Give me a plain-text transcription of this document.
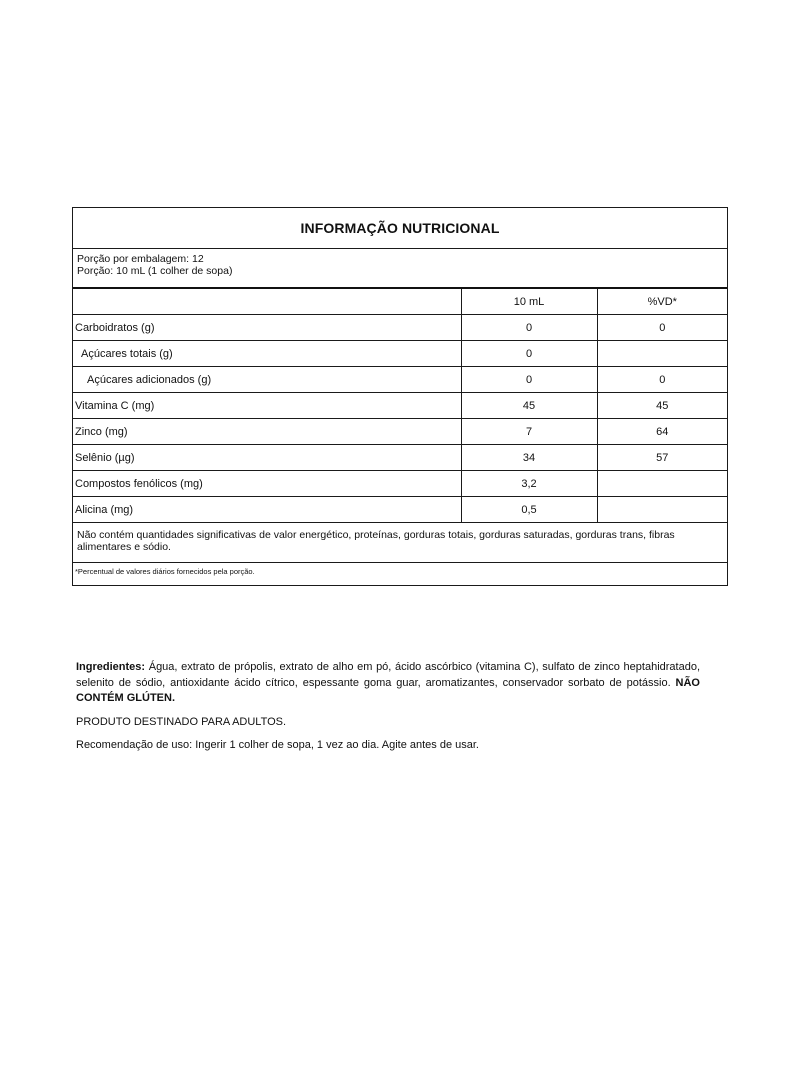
INFORMAÇÃO NUTRICIONAL
Porção por embalagem: 12
Porção: 10 mL (1 colher de sopa)
	10 mL	%VD*
Carboidratos (g)	0	0
Açúcares totais (g)	0	
Açúcares adicionados (g)	0	0
Vitamina C (mg)	45	45
Zinco (mg)	7	64
Selênio (µg)	34	57
Compostos fenólicos (mg)	3,2	
Alicina (mg)	0,5	
Não contém quantidades significativas de valor energético, proteínas, gorduras totais, gorduras saturadas, gorduras trans, fibras alimentares e sódio.
*Percentual de valores diários fornecidos pela porção.

Ingredientes: Água, extrato de própolis, extrato de alho em pó, ácido ascórbico (vitamina C), sulfato de zinco heptahidratado, selenito de sódio, antioxidante ácido cítrico, espessante goma guar, aromatizantes, conservador sorbato de potássio. NÃO CONTÉM GLÚTEN.

PRODUTO DESTINADO PARA ADULTOS.

Recomendação de uso: Ingerir 1 colher de sopa, 1 vez ao dia. Agite antes de usar.
